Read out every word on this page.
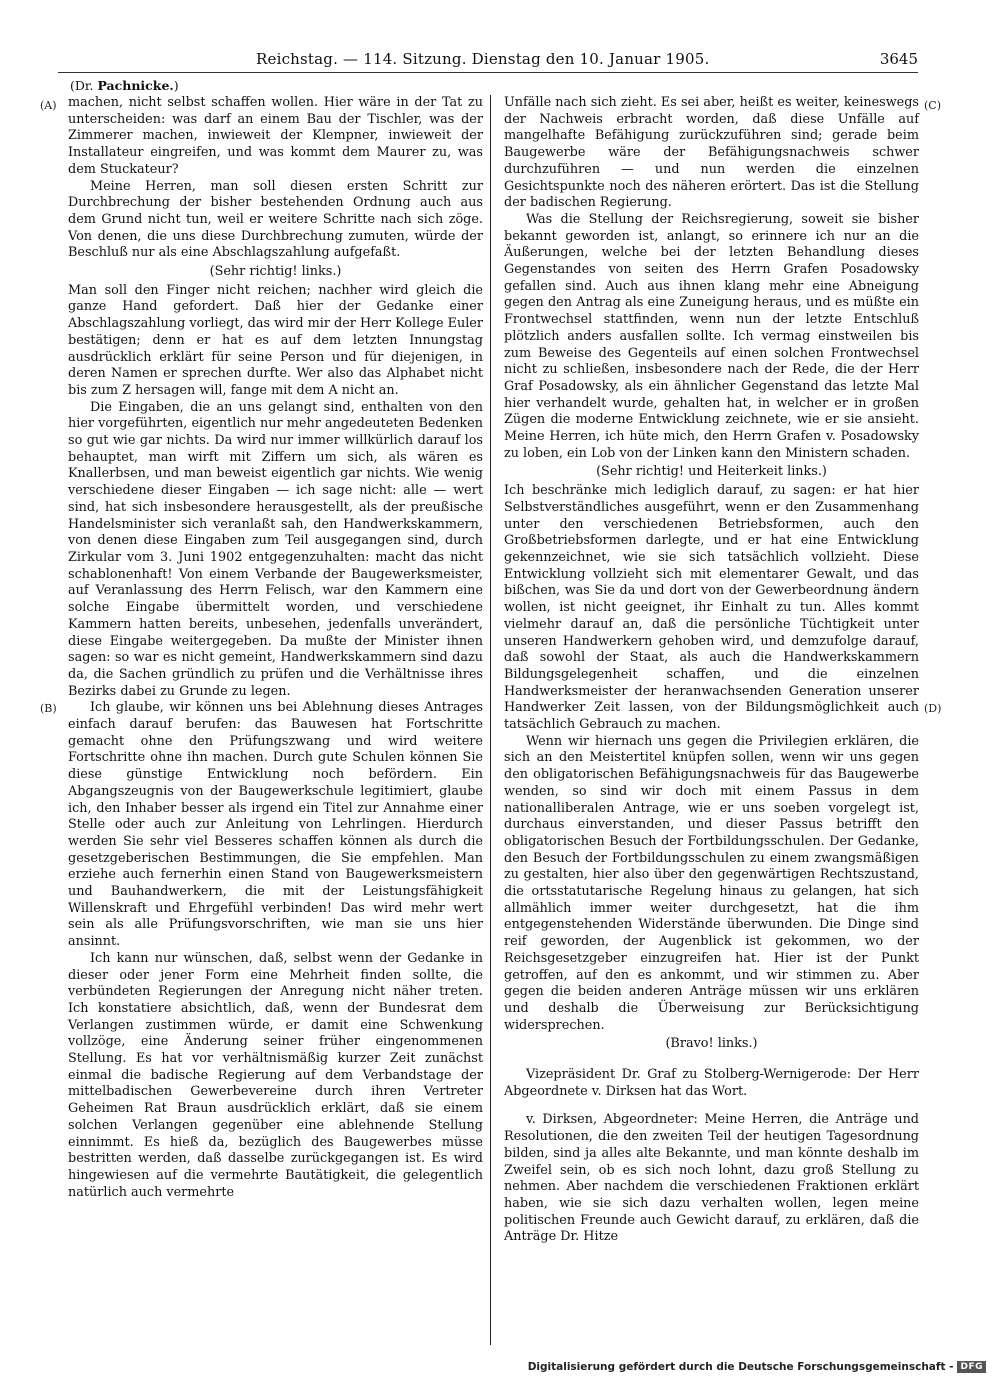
Reichstag. — 114. Sitzung. Dienstag den 10. Januar 1905.	3645
(Dr. Pachnicke.)
(A)
(B)
(C)
(D)

machen, nicht selbst schaffen wollen. Hier wäre in der Tat zu unterscheiden: was darf an einem Bau der Tischler, was der Zimmerer machen, inwieweit der Klempner, inwieweit der Installateur eingreifen, und was kommt dem Maurer zu, was dem Stuckateur?

Meine Herren, man soll diesen ersten Schritt zur Durchbrechung der bisher bestehenden Ordnung auch aus dem Grund nicht tun, weil er weitere Schritte nach sich zöge. Von denen, die uns diese Durchbrechung zumuten, würde der Beschluß nur als eine Abschlagszahlung aufgefaßt.

(Sehr richtig! links.)

Man soll den Finger nicht reichen; nachher wird gleich die ganze Hand gefordert. Daß hier der Gedanke einer Abschlagszahlung vorliegt, das wird mir der Herr Kollege Euler bestätigen; denn er hat es auf dem letzten Innungstag ausdrücklich erklärt für seine Person und für diejenigen, in deren Namen er sprechen durfte. Wer also das Alphabet nicht bis zum Z hersagen will, fange mit dem A nicht an.

Die Eingaben, die an uns gelangt sind, enthalten von den hier vorgeführten, eigentlich nur mehr angedeuteten Bedenken so gut wie gar nichts. Da wird nur immer willkürlich darauf los behauptet, man wirft mit Ziffern um sich, als wären es Knallerbsen, und man beweist eigentlich gar nichts. Wie wenig verschiedene dieser Eingaben — ich sage nicht: alle — wert sind, hat sich insbesondere herausgestellt, als der preußische Handelsminister sich veranlaßt sah, den Handwerkskammern, von denen diese Eingaben zum Teil ausgegangen sind, durch Zirkular vom 3. Juni 1902 entgegenzuhalten: macht das nicht schablonenhaft! Von einem Verbande der Baugewerksmeister, auf Veranlassung des Herrn Felisch, war den Kammern eine solche Eingabe übermittelt worden, und verschiedene Kammern hatten bereits, unbesehen, jedenfalls unverändert, diese Eingabe weitergegeben. Da mußte der Minister ihnen sagen: so war es nicht gemeint, Handwerkskammern sind dazu da, die Sachen gründlich zu prüfen und die Verhältnisse ihres Bezirks dabei zu Grunde zu legen.

Ich glaube, wir können uns bei Ablehnung dieses Antrages einfach darauf berufen: das Bauwesen hat Fortschritte gemacht ohne den Prüfungszwang und wird weitere Fortschritte ohne ihn machen. Durch gute Schulen können Sie diese günstige Entwicklung noch befördern. Ein Abgangszeugnis von der Baugewerkschule legitimiert, glaube ich, den Inhaber besser als irgend ein Titel zur Annahme einer Stelle oder auch zur Anleitung von Lehrlingen. Hierdurch werden Sie sehr viel Besseres schaffen können als durch die gesetzgeberischen Bestimmungen, die Sie empfehlen. Man erziehe auch fernerhin einen Stand von Baugewerksmeistern und Bauhandwerkern, die mit der Leistungsfähigkeit Willenskraft und Ehrgefühl verbinden! Das wird mehr wert sein als alle Prüfungsvorschriften, wie man sie uns hier ansinnt.

Ich kann nur wünschen, daß, selbst wenn der Gedanke in dieser oder jener Form eine Mehrheit finden sollte, die verbündeten Regierungen der Anregung nicht näher treten. Ich konstatiere absichtlich, daß, wenn der Bundesrat dem Verlangen zustimmen würde, er damit eine Schwenkung vollzöge, eine Änderung seiner früher eingenommenen Stellung. Es hat vor verhältnismäßig kurzer Zeit zunächst einmal die badische Regierung auf dem Verbandstage der mittelbadischen Gewerbevereine durch ihren Vertreter Geheimen Rat Braun ausdrücklich erklärt, daß sie einem solchen Verlangen gegenüber eine ablehnende Stellung einnimmt. Es hieß da, bezüglich des Baugewerbes müsse bestritten werden, daß dasselbe zurückgegangen ist. Es wird hingewiesen auf die vermehrte Bautätigkeit, die gelegentlich natürlich auch vermehrte

Unfälle nach sich zieht. Es sei aber, heißt es weiter, keineswegs der Nachweis erbracht worden, daß diese Unfälle auf mangelhafte Befähigung zurückzuführen sind; gerade beim Baugewerbe wäre der Befähigungsnachweis schwer durchzuführen — und nun werden die einzelnen Gesichtspunkte noch des näheren erörtert. Das ist die Stellung der badischen Regierung.

Was die Stellung der Reichsregierung, soweit sie bisher bekannt geworden ist, anlangt, so erinnere ich nur an die Äußerungen, welche bei der letzten Behandlung dieses Gegenstandes von seiten des Herrn Grafen Posadowsky gefallen sind. Auch aus ihnen klang mehr eine Abneigung gegen den Antrag als eine Zuneigung heraus, und es müßte ein Frontwechsel stattfinden, wenn nun der letzte Entschluß plötzlich anders ausfallen sollte. Ich vermag einstweilen bis zum Beweise des Gegenteils auf einen solchen Frontwechsel nicht zu schließen, insbesondere nach der Rede, die der Herr Graf Posadowsky, als ein ähnlicher Gegenstand das letzte Mal hier verhandelt wurde, gehalten hat, in welcher er in großen Zügen die moderne Entwicklung zeichnete, wie er sie ansieht. Meine Herren, ich hüte mich, den Herrn Grafen v. Posadowsky zu loben, ein Lob von der Linken kann den Ministern schaden.

(Sehr richtig! und Heiterkeit links.)

Ich beschränke mich lediglich darauf, zu sagen: er hat hier Selbstverständliches ausgeführt, wenn er den Zusammenhang unter den verschiedenen Betriebsformen, auch den Großbetriebsformen darlegte, und er hat eine Entwicklung gekennzeichnet, wie sie sich tatsächlich vollzieht. Diese Entwicklung vollzieht sich mit elementarer Gewalt, und das bißchen, was Sie da und dort von der Gewerbeordnung ändern wollen, ist nicht geeignet, ihr Einhalt zu tun. Alles kommt vielmehr darauf an, daß die persönliche Tüchtigkeit unter unseren Handwerkern gehoben wird, und demzufolge darauf, daß sowohl der Staat, als auch die Handwerkskammern Bildungsgelegenheit schaffen, und die einzelnen Handwerksmeister der heranwachsenden Generation unserer Handwerker Zeit lassen, von der Bildungsmöglichkeit auch tatsächlich Gebrauch zu machen.

Wenn wir hiernach uns gegen die Privilegien erklären, die sich an den Meistertitel knüpfen sollen, wenn wir uns gegen den obligatorischen Befähigungsnachweis für das Baugewerbe wenden, so sind wir doch mit einem Passus in dem nationalliberalen Antrage, wie er uns soeben vorgelegt ist, durchaus einverstanden, und dieser Passus betrifft den obligatorischen Besuch der Fortbildungsschulen. Der Gedanke, den Besuch der Fortbildungsschulen zu einem zwangsmäßigen zu gestalten, hier also über den gegenwärtigen Rechtszustand, die ortsstatutarische Regelung hinaus zu gelangen, hat sich allmählich immer weiter durchgesetzt, hat die ihm entgegenstehenden Widerstände überwunden. Die Dinge sind reif geworden, der Augenblick ist gekommen, wo der Reichsgesetzgeber einzugreifen hat. Hier ist der Punkt getroffen, auf den es ankommt, und wir stimmen zu. Aber gegen die beiden anderen Anträge müssen wir uns erklären und deshalb die Überweisung zur Berücksichtigung widersprechen.

(Bravo! links.)

Vizepräsident Dr. Graf zu Stolberg-Wernigerode: Der Herr Abgeordnete v. Dirksen hat das Wort.

v. Dirksen, Abgeordneter: Meine Herren, die Anträge und Resolutionen, die den zweiten Teil der heutigen Tagesordnung bilden, sind ja alles alte Bekannte, und man könnte deshalb im Zweifel sein, ob es sich noch lohnt, dazu groß Stellung zu nehmen. Aber nachdem die verschiedenen Fraktionen erklärt haben, wie sie sich dazu verhalten wollen, legen meine politischen Freunde auch Gewicht darauf, zu erklären, daß die Anträge Dr. Hitze

Digitalisierung gefördert durch die Deutsche Forschungsgemeinschaft - DFG
